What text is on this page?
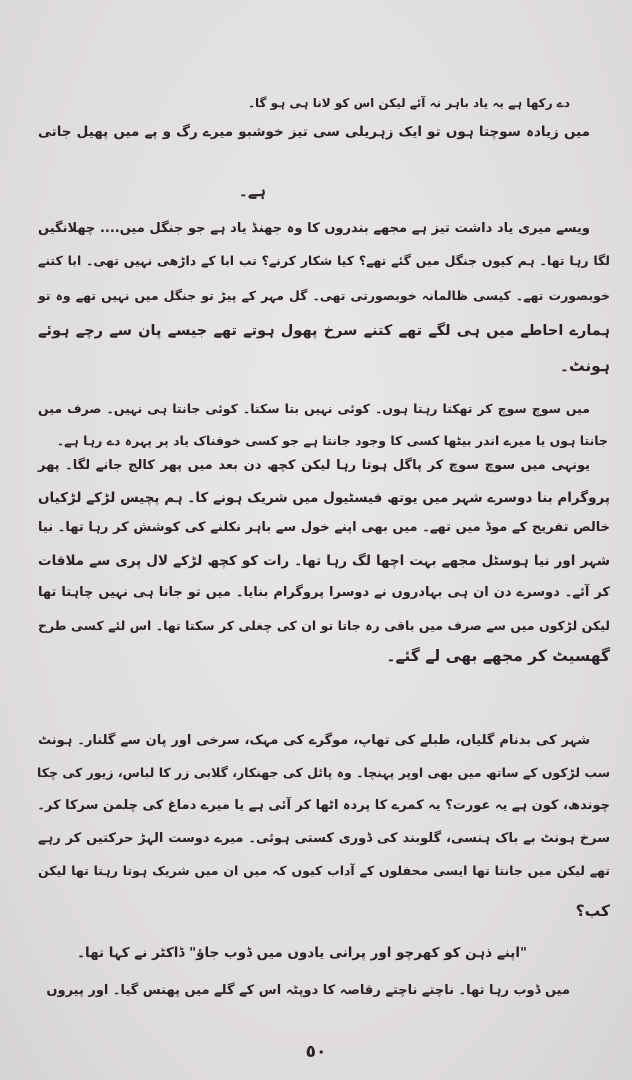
دے رکھا ہے یہ یاد باہر نہ آئے لیکن اس کو لانا ہی ہو گا۔
میں زیادہ سوچتا ہوں تو ایک زہریلی سی تیز خوشبو میرے رگ و پے میں پھیل جاتی
ہے۔
ویسے میری یاد داشت تیز ہے مجھے بندروں کا وہ جھنڈ یاد ہے جو جنگل میں.... چھلانگیں
لگا رہا تھا۔ ہم کیوں جنگل میں گئے تھے؟ کیا شکار کرنے؟ تب ابا کے داڑھی نہیں تھی۔ ابا کتنے
خوبصورت تھے۔ کیسی ظالمانہ خوبصورتی تھی۔ گل مہر کے پیڑ تو جنگل میں نہیں تھے وہ تو
ہمارے احاطے میں ہی لگے تھے کتنے سرخ پھول ہوتے تھے جیسے پان سے رچے ہوئے
ہونٹ۔
میں سوچ سوچ کر تھکتا رہتا ہوں۔ کوئی نہیں بتا سکتا۔ کوئی جانتا ہی نہیں۔ صرف میں
جانتا ہوں یا میرے اندر بیٹھا کسی کا وجود جانتا ہے جو کسی خوفناک یاد پر پہرہ دے رہا ہے۔
یونہی میں سوچ سوچ کر پاگل ہوتا رہا لیکن کچھ دن بعد میں پھر کالج جانے لگا۔ پھر
پروگرام بنا دوسرے شہر میں یوتھ فیسٹیول میں شریک ہونے کا۔ ہم پچیس لڑکے لڑکیاں
خالص تفریح کے موڈ میں تھے۔ میں بھی اپنے خول سے باہر نکلنے کی کوشش کر رہا تھا۔ نیا
شہر اور نیا ہوسٹل مجھے بہت اچھا لگ رہا تھا۔ رات کو کچھ لڑکے لال پری سے ملاقات
کر آئے۔ دوسرے دن ان ہی بہادروں نے دوسرا پروگرام بنایا۔ میں تو جانا ہی نہیں چاہتا تھا
لیکن لڑکوں میں سے صرف میں باقی رہ جاتا تو ان کی چغلی کر سکتا تھا۔ اس لئے کسی طرح
گھسیٹ کر مجھے بھی لے گئے۔
شہر کی بدنام گلیاں، طبلے کی تھاپ، موگرے کی مہک، سرخی اور پان سے گلنار۔ ہونٹ
سب لڑکوں کے ساتھ میں بھی اوپر پہنچا۔ وہ پائل کی جھنکار، گلابی زر کا لباس، زیور کی چکا
چوندھ، کون ہے یہ عورت؟ یہ کمرے کا پردہ اٹھا کر آئی ہے یا میرے دماغ کی چلمن سرکا کر۔
سرخ ہونٹ بے باک ہنسی، گلوبند کی ڈوری کستی ہوئی۔ میرے دوست الہڑ حرکتیں کر رہے
تھے لیکن میں جانتا تھا ایسی محفلوں کے آداب کیوں کہ میں ان میں شریک ہوتا رہتا تھا لیکن
کب؟
"اپنے ذہن کو کھرچو اور پرانی یادوں میں ڈوب جاؤ" ڈاکٹر نے کہا تھا۔
میں ڈوب رہا تھا۔ ناچتے ناچتے رقاصہ کا دوپٹہ اس کے گلے میں پھنس گیا۔ اور پیروں
٥٠
